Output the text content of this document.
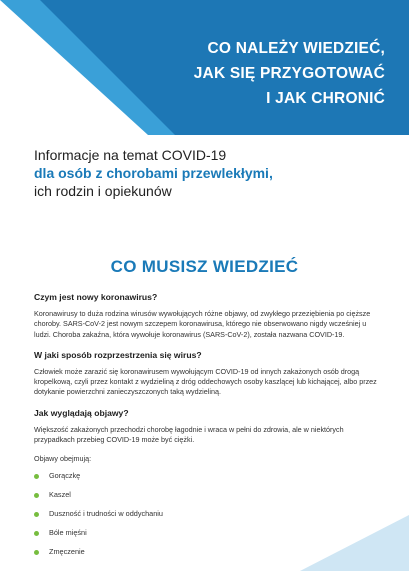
CO NALEŻY WIEDZIEĆ,
JAK SIĘ PRZYGOTOWAĆ
I JAK CHRONIĆ
Informacje na temat COVID-19
dla osób z chorobami przewlekłymi,
ich rodzin i opiekunów
CO MUSISZ WIEDZIEĆ
Czym jest nowy koronawirus?
Koronawirusy to duża rodzina wirusów wywołujących różne objawy, od zwykłego przeziębienia po cięższe choroby. SARS-CoV-2 jest nowym szczepem koronawirusa, którego nie obserwowano nigdy wcześniej u ludzi. Choroba zakaźna, która wywołuje koronawirus (SARS-CoV-2), została nazwana COVID-19.
W jaki sposób rozprzestrzenia się wirus?
Człowiek może zarazić się koronawirusem wywołującym COVID-19 od innych zakażonych osób drogą kropelkową, czyli przez kontakt z wydzieliną z dróg oddechowych osoby kaszlącej lub kichającej, albo przez dotykanie powierzchni zanieczyszczonych taką wydzieliną.
Jak wyglądają objawy?
Większość zakażonych przechodzi chorobę łagodnie i wraca w pełni do zdrowia, ale w niektórych przypadkach przebieg COVID-19 może być ciężki.
Objawy obejmują:
Gorączkę
Kaszel
Duszność i trudności w oddychaniu
Bóle mięśni
Zmęczenie
